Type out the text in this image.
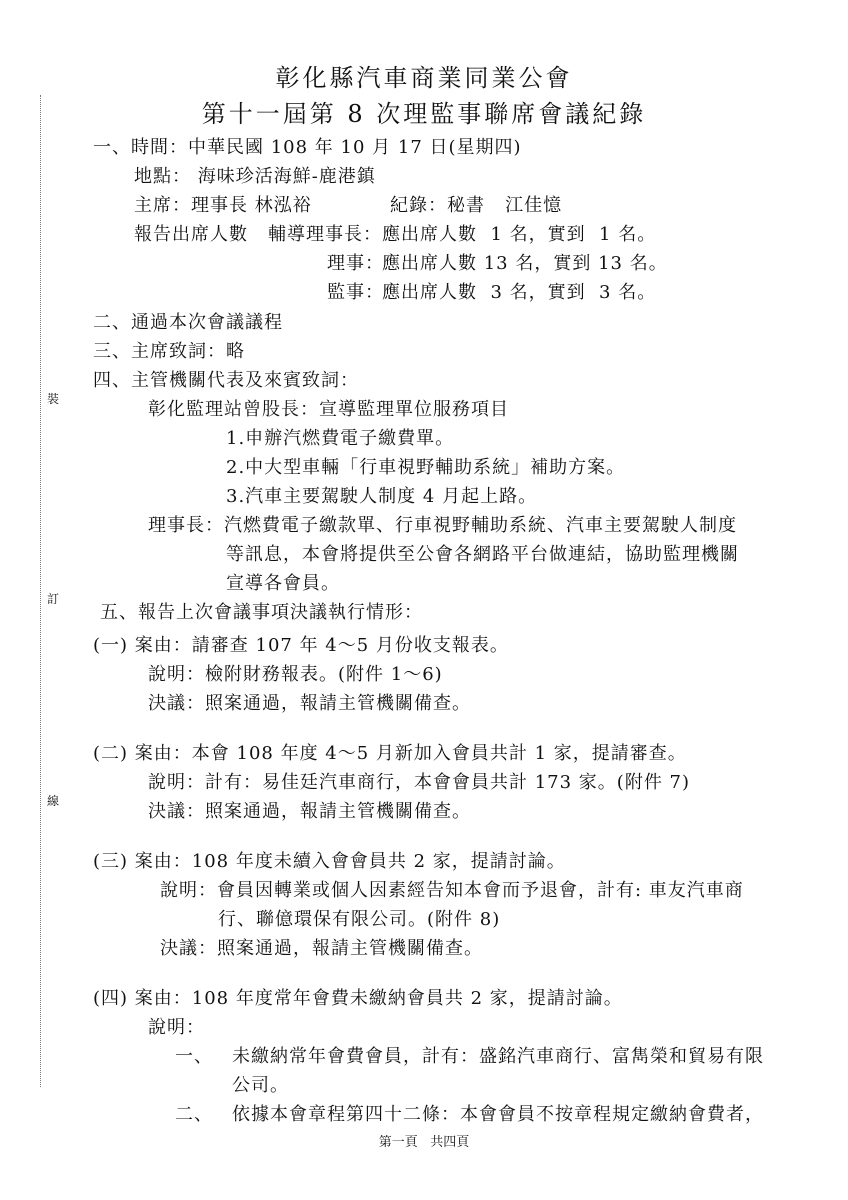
彰化縣汽車商業同業公會
第十一屆第 8 次理監事聯席會議紀錄
裝
訂
線
一、時間：中華民國 108 年 10 月 17 日(星期四)
地點： 海味珍活海鮮-鹿港鎮
主席：理事長 林泓裕	紀錄：秘書   江佳憶
報告出席人數 輔導理事長： 應出席人數  1 名，實到  1 名。
理事：
應出席人數 13 名，實到 13 名。
監事：
應出席人數  3 名，實到  3 名。
二、通過本次會議議程
三、主席致詞：略
四、主管機關代表及來賓致詞：
彰化監理站曾股長：宣導監理單位服務項目
1.申辦汽燃費電子繳費單。
2.中大型車輛「行車視野輔助系統」補助方案。
3.汽車主要駕駛人制度 4 月起上路。
理事長：汽燃費電子繳款單、行車視野輔助系統、汽車主要駕駛人制度
等訊息，本會將提供至公會各網路平台做連結，協助監理機關
宣導各會員。
五、報告上次會議事項決議執行情形：
(一) 案由：請審查 107 年 4～5 月份收支報表。
說明：檢附財務報表。(附件 1～6)
決議：照案通過，報請主管機關備查。
(二) 案由：本會 108 年度 4～5 月新加入會員共計 1 家，提請審查。
說明：計有：易佳廷汽車商行，本會會員共計 173 家。(附件 7)
決議：照案通過，報請主管機關備查。
(三) 案由：108 年度未續入會會員共 2 家，提請討論。
說明：會員因轉業或個人因素經告知本會而予退會，計有: 車友汽車商
行、聯億環保有限公司。(附件 8)
決議：照案通過，報請主管機關備查。
(四) 案由：108 年度常年會費未繳納會員共 2 家，提請討論。
說明：
一、 未繳納常年會費會員，計有：盛銘汽車商行、富雋榮和貿易有限
公司。
二、 依據本會章程第四十二條：本會會員不按章程規定繳納會費者，
第一頁   共四頁
